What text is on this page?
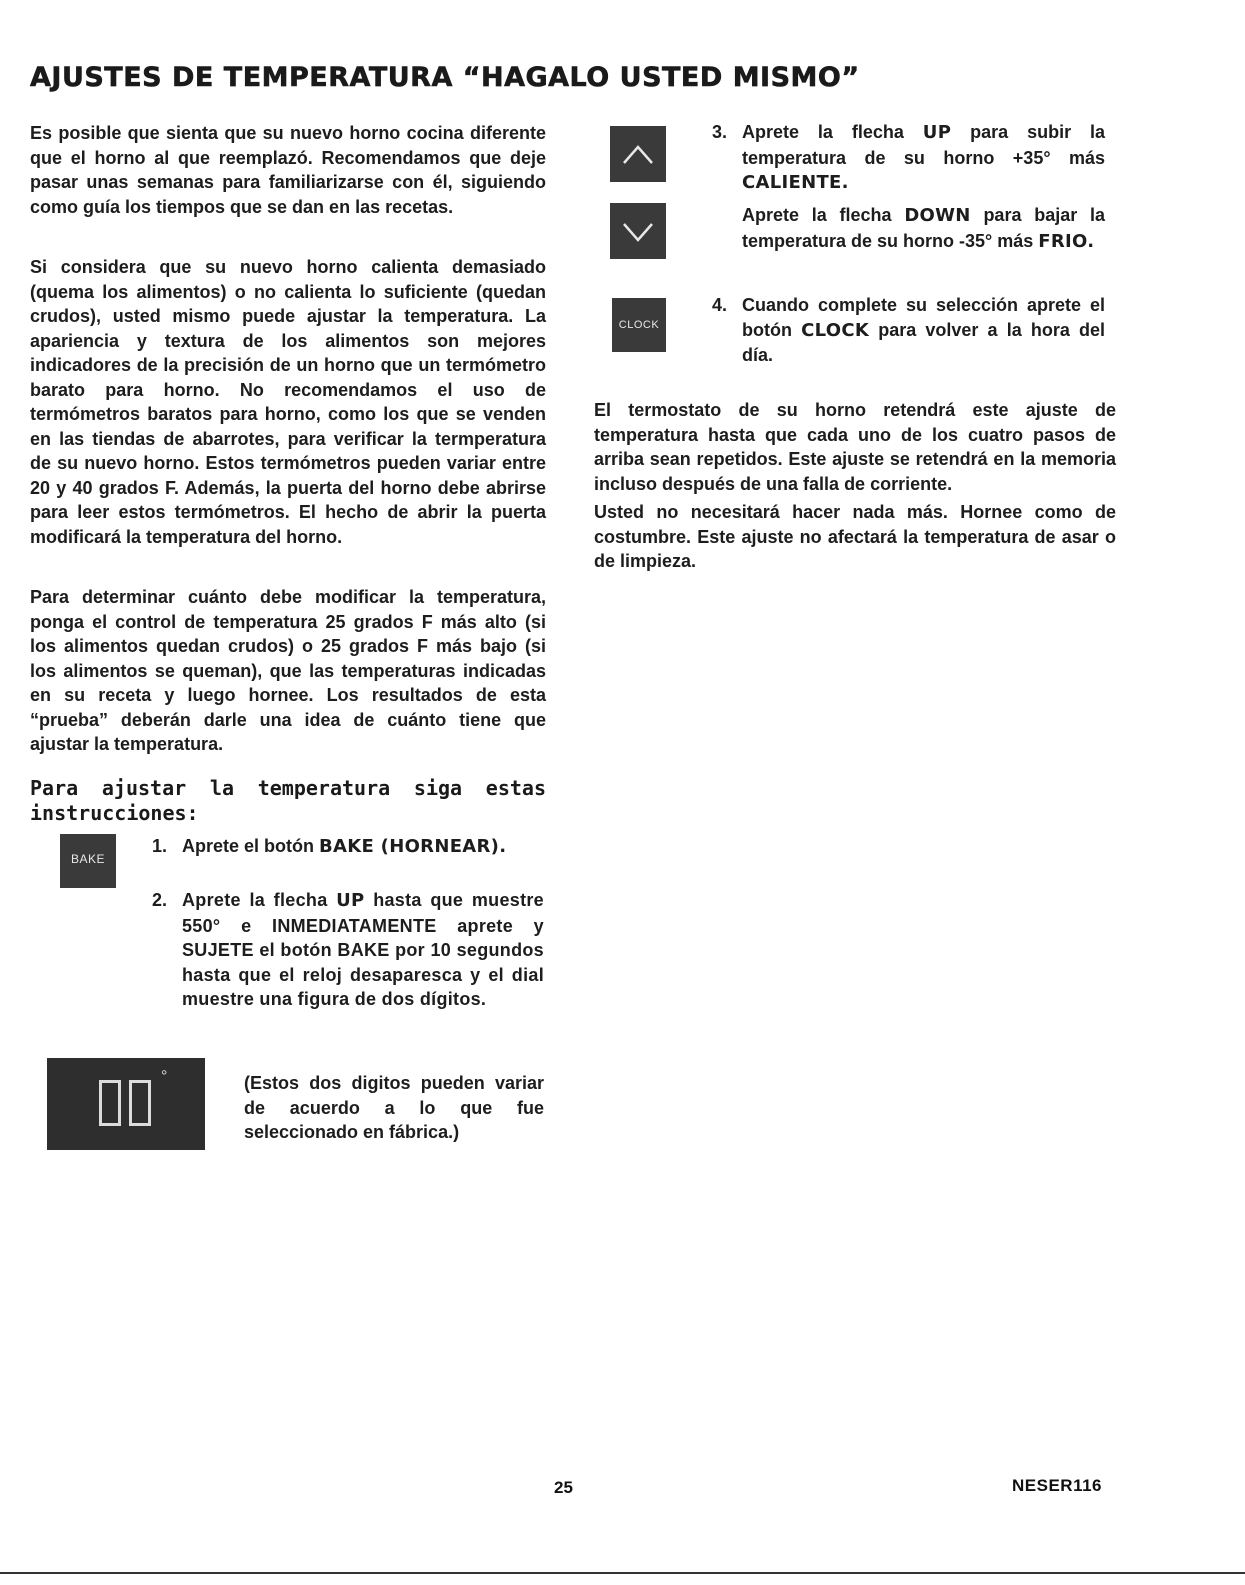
AJUSTES DE TEMPERATURA “HAGALO USTED MISMO”

Es posible que sienta que su nuevo horno cocina diferente que el horno al que reemplazó. Recomendamos que deje pasar unas semanas para familiarizarse con él, siguiendo como guía los tiempos que se dan en las recetas.

Si considera que su nuevo horno calienta demasiado (quema los alimentos) o no calienta lo suficiente (quedan crudos), usted mismo puede ajustar la temperatura. La apariencia y textura de los alimentos son mejores indicadores de la precisión de un horno que un termómetro barato para horno. No recomendamos el uso de termómetros baratos para horno, como los que se venden en las tiendas de abarrotes, para verificar la termperatura de su nuevo horno. Estos termómetros pueden variar entre 20 y 40 grados F. Además, la puerta del horno debe abrirse para leer estos termómetros. El hecho de abrir la puerta modificará la temperatura del horno.

Para determinar cuánto debe modificar la temperatura, ponga el control de temperatura 25 grados F más alto (si los alimentos quedan crudos) o 25 grados F más bajo (si los alimentos se queman), que las temperaturas indicadas en su receta y luego hornee. Los resultados de esta “prueba” deberán darle una idea de cuánto tiene que ajustar la temperatura.

Para ajustar la temperatura siga estas instrucciones:
BAKE
1. Aprete el botón BAKE (HORNEAR).
2. Aprete la flecha UP hasta que muestre 550° e INMEDIATAMENTE aprete y SUJETE el botón BAKE por 10 segundos hasta que el reloj desaparesca y el dial muestre una figura de dos dígitos.
°	(Estos dos digitos pueden variar de acuerdo a lo que fue seleccionado en fábrica.)

CLOCK
3. Aprete la flecha UP para subir la temperatura de su horno +35° más CALIENTE.
Aprete la flecha DOWN para bajar la temperatura de su horno -35° más FRIO.
4. Cuando complete su selección aprete el botón CLOCK para volver a la hora del día.

El termostato de su horno retendrá este ajuste de temperatura hasta que cada uno de los cuatro pasos de arriba sean repetidos. Este ajuste se retendrá en la memoria incluso después de una falla de corriente.

Usted no necesitará hacer nada más. Hornee como de costumbre. Este ajuste no afectará la temperatura de asar o de limpieza.

25	NESER116
